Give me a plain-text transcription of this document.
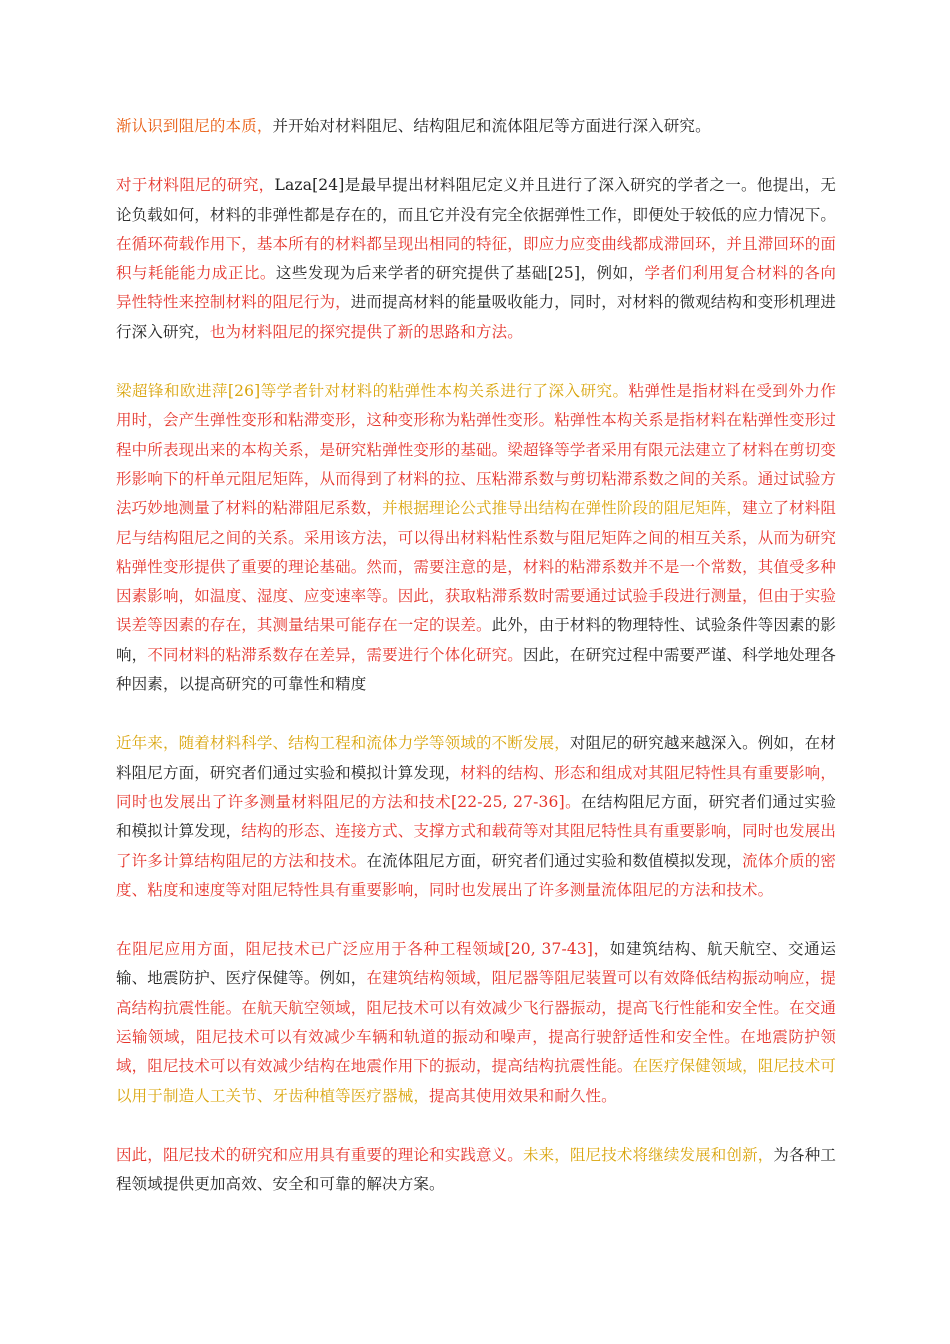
渐认识到阻尼的本质，并开始对材料阻尼、结构阻尼和流体阻尼等方面进行深入研究。

对于材料阻尼的研究，Laza[24]是最早提出材料阻尼定义并且进行了深入研究的学者之一。他提出，无论负载如何，材料的非弹性都是存在的，而且它并没有完全依据弹性工作，即便处于较低的应力情况下。在循环荷载作用下，基本所有的材料都呈现出相同的特征，即应力应变曲线都成滞回环，并且滞回环的面积与耗能能力成正比。这些发现为后来学者的研究提供了基础[25]，例如，学者们利用复合材料的各向异性特性来控制材料的阻尼行为，进而提高材料的能量吸收能力，同时，对材料的微观结构和变形机理进行深入研究，也为材料阻尼的探究提供了新的思路和方法。

梁超锋和欧进萍[26]等学者针对材料的粘弹性本构关系进行了深入研究。粘弹性是指材料在受到外力作用时，会产生弹性变形和粘滞变形，这种变形称为粘弹性变形。粘弹性本构关系是指材料在粘弹性变形过程中所表现出来的本构关系，是研究粘弹性变形的基础。梁超锋等学者采用有限元法建立了材料在剪切变形影响下的杆单元阻尼矩阵，从而得到了材料的拉、压粘滞系数与剪切粘滞系数之间的关系。通过试验方法巧妙地测量了材料的粘滞阻尼系数，并根据理论公式推导出结构在弹性阶段的阻尼矩阵，建立了材料阻尼与结构阻尼之间的关系。采用该方法，可以得出材料粘性系数与阻尼矩阵之间的相互关系，从而为研究粘弹性变形提供了重要的理论基础。然而，需要注意的是，材料的粘滞系数并不是一个常数，其值受多种因素影响，如温度、湿度、应变速率等。因此，获取粘滞系数时需要通过试验手段进行测量，但由于实验误差等因素的存在，其测量结果可能存在一定的误差。此外，由于材料的物理特性、试验条件等因素的影响，不同材料的粘滞系数存在差异，需要进行个体化研究。因此，在研究过程中需要严谨、科学地处理各种因素，以提高研究的可靠性和精度

近年来，随着材料科学、结构工程和流体力学等领域的不断发展，对阻尼的研究越来越深入。例如，在材料阻尼方面，研究者们通过实验和模拟计算发现，材料的结构、形态和组成对其阻尼特性具有重要影响，同时也发展出了许多测量材料阻尼的方法和技术[22-25, 27-36]。在结构阻尼方面，研究者们通过实验和模拟计算发现，结构的形态、连接方式、支撑方式和载荷等对其阻尼特性具有重要影响，同时也发展出了许多计算结构阻尼的方法和技术。在流体阻尼方面，研究者们通过实验和数值模拟发现，流体介质的密度、粘度和速度等对阻尼特性具有重要影响，同时也发展出了许多测量流体阻尼的方法和技术。

在阻尼应用方面，阻尼技术已广泛应用于各种工程领域[20, 37-43]，如建筑结构、航天航空、交通运输、地震防护、医疗保健等。例如，在建筑结构领域，阻尼器等阻尼装置可以有效降低结构振动响应，提高结构抗震性能。在航天航空领域，阻尼技术可以有效减少飞行器振动，提高飞行性能和安全性。在交通运输领域，阻尼技术可以有效减少车辆和轨道的振动和噪声，提高行驶舒适性和安全性。在地震防护领域，阻尼技术可以有效减少结构在地震作用下的振动，提高结构抗震性能。在医疗保健领域，阻尼技术可以用于制造人工关节、牙齿种植等医疗器械，提高其使用效果和耐久性。

因此，阻尼技术的研究和应用具有重要的理论和实践意义。未来，阻尼技术将继续发展和创新，为各种工程领域提供更加高效、安全和可靠的解决方案。
